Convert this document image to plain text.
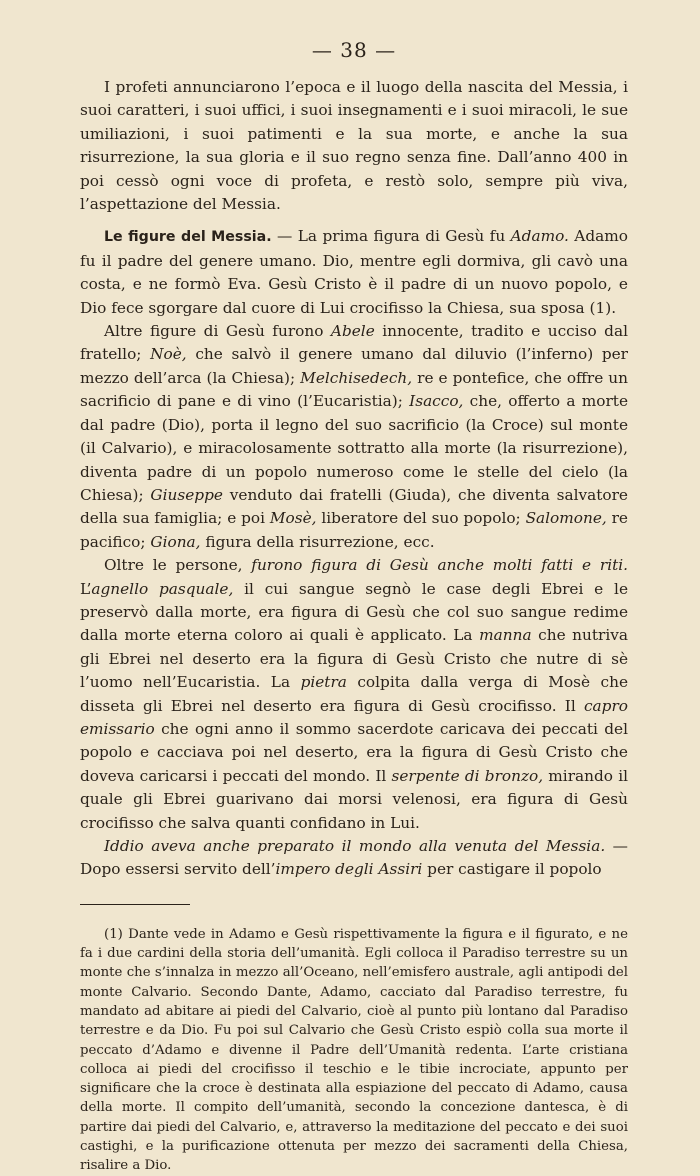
— 38 —

I profeti annunciarono l’epoca e il luogo della nascita del Messia, i suoi caratteri, i suoi uffici, i suoi insegnamenti e i suoi miracoli, le sue umiliazioni, i suoi patimenti e la sua morte, e anche la sua risurrezione, la sua gloria e il suo regno senza fine. Dall’anno 400 in poi cessò ogni voce di profeta, e restò solo, sempre più viva, l’aspettazione del Messia.

Le figure del Messia. — La prima figura di Gesù fu Adamo. Adamo fu il padre del genere umano. Dio, mentre egli dormiva, gli cavò una costa, e ne formò Eva. Gesù Cristo è il padre di un nuovo popolo, e Dio fece sgorgare dal cuore di Lui crocifisso la Chiesa, sua sposa (1).

Altre figure di Gesù furono Abele innocente, tradito e ucciso dal fratello; Noè, che salvò il genere umano dal diluvio (l’inferno) per mezzo dell’arca (la Chiesa); Melchisedech, re e pontefice, che offre un sacrificio di pane e di vino (l’Eucaristia); Isacco, che, offerto a morte dal padre (Dio), porta il legno del suo sacrificio (la Croce) sul monte (il Calvario), e miracolosamente sottratto alla morte (la risurrezione), diventa padre di un popolo numeroso come le stelle del cielo (la Chiesa); Giuseppe venduto dai fratelli (Giuda), che diventa salvatore della sua famiglia; e poi Mosè, liberatore del suo popolo; Salomone, re pacifico; Giona, figura della risurrezione, ecc.

Oltre le persone, furono figura di Gesù anche molti fatti e riti. L’agnello pasquale, il cui sangue segnò le case degli Ebrei e le preservò dalla morte, era figura di Gesù che col suo sangue redime dalla morte eterna coloro ai quali è applicato. La manna che nutriva gli Ebrei nel deserto era la figura di Gesù Cristo che nutre di sè l’uomo nell’Eucaristia. La pietra colpita dalla verga di Mosè che disseta gli Ebrei nel deserto era figura di Gesù crocifisso. Il capro emissario che ogni anno il sommo sacerdote caricava dei peccati del popolo e cacciava poi nel deserto, era la figura di Gesù Cristo che doveva caricarsi i peccati del mondo. Il serpente di bronzo, mirando il quale gli Ebrei guarivano dai morsi velenosi, era figura di Gesù crocifisso che salva quanti confidano in Lui.

Iddio aveva anche preparato il mondo alla venuta del Messia. — Dopo essersi servito dell’impero degli Assiri per castigare il popolo

(1) Dante vede in Adamo e Gesù rispettivamente la figura e il figurato, e ne fa i due cardini della storia dell’umanità. Egli colloca il Paradiso terrestre su un monte che s’innalza in mezzo all’Oceano, nell’emisfero australe, agli antipodi del monte Calvario. Secondo Dante, Adamo, cacciato dal Paradiso terrestre, fu mandato ad abitare ai piedi del Calvario, cioè al punto più lontano dal Paradiso terrestre e da Dio. Fu poi sul Calvario che Gesù Cristo espiò colla sua morte il peccato d’Adamo e divenne il Padre dell’Umanità redenta. L’arte cristiana colloca ai piedi del crocifisso il teschio e le tibie incrociate, appunto per significare che la croce è destinata alla espiazione del peccato di Adamo, causa della morte. Il compito dell’umanità, secondo la concezione dantesca, è di partire dai piedi del Calvario, e, attraverso la meditazione del peccato e dei suoi castighi, e la purificazione ottenuta per mezzo dei sacramenti della Chiesa, risalire a Dio.
